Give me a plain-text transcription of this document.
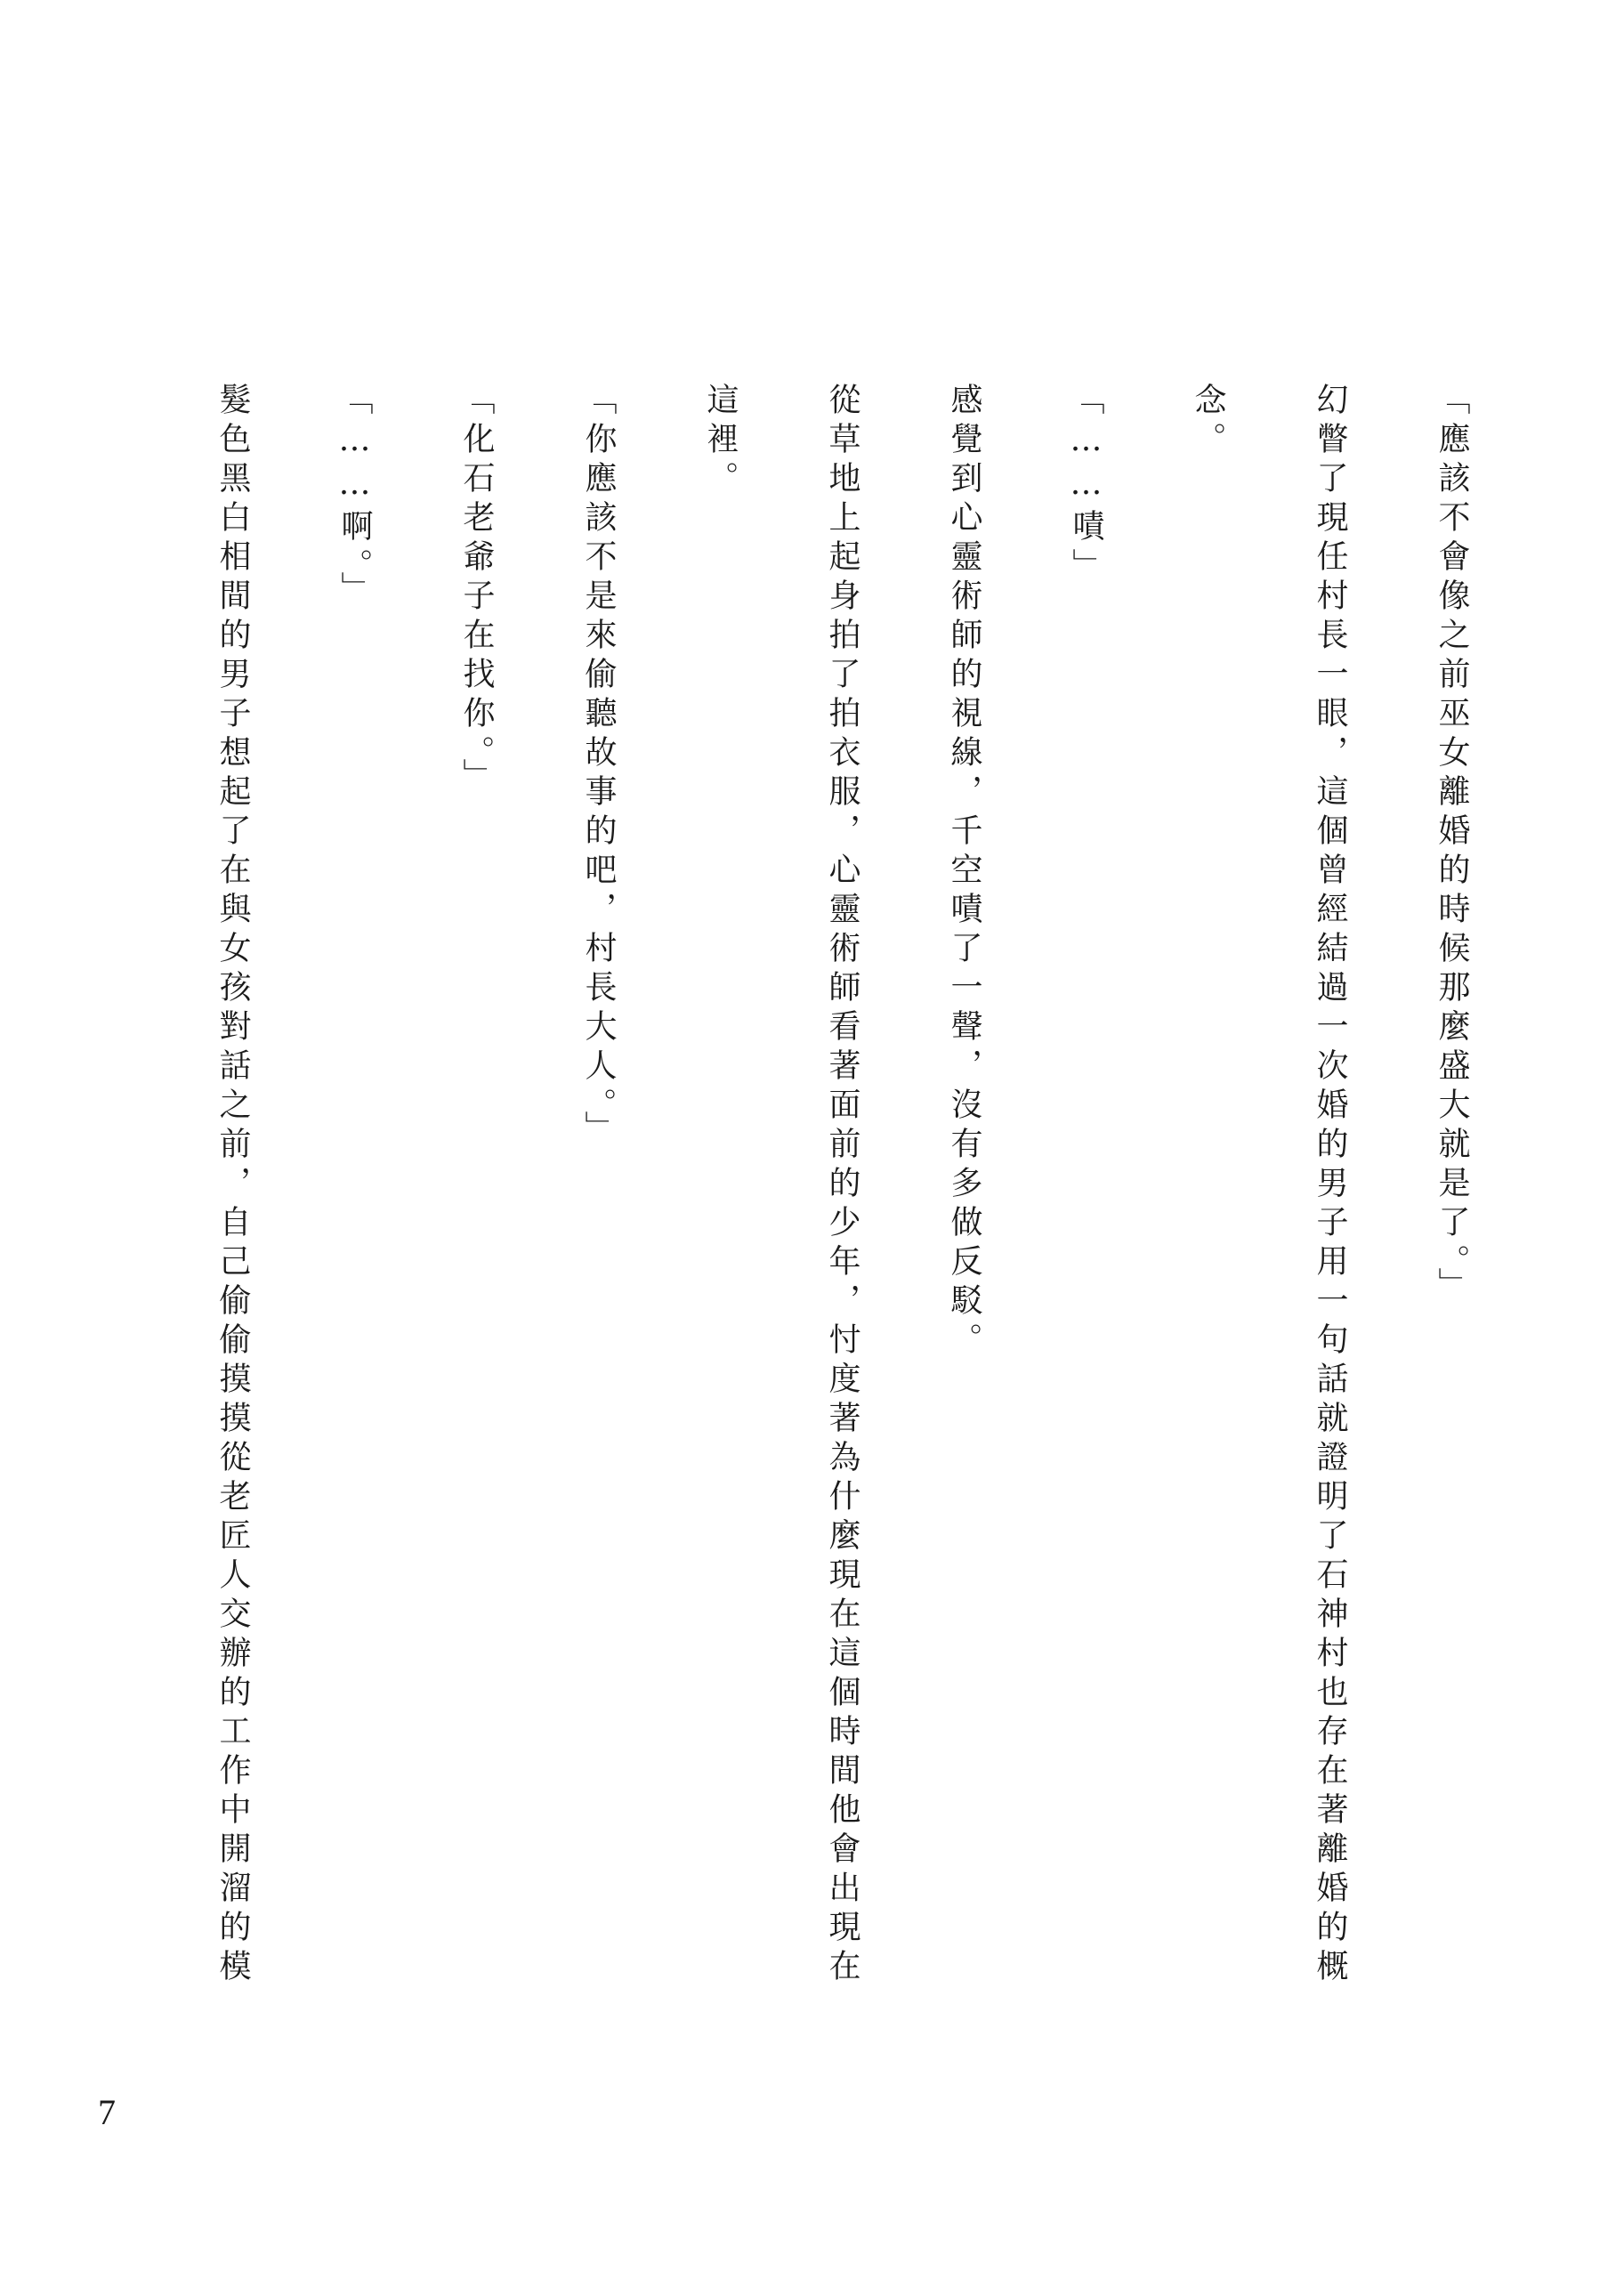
「應該不會像之前巫女離婚的時候那麼盛大就是了。」

幻瞥了現任村長一眼，這個曾經結過一次婚的男子用一句話就證明了石神村也存在著離婚的概念。

「……嘖」

感覺到心靈術師的視線，千空嘖了一聲，沒有多做反駁。

從草地上起身拍了拍衣服，心靈術師看著面前的少年，忖度著為什麼現在這個時間他會出現在這裡。

「你應該不是來偷聽故事的吧，村長大人。」

「化石老爺子在找你。」

「……啊。」

髮色黑白相間的男子想起了在與女孩對話之前，自己偷偷摸摸從老匠人交辦的工作中開溜的模

7
